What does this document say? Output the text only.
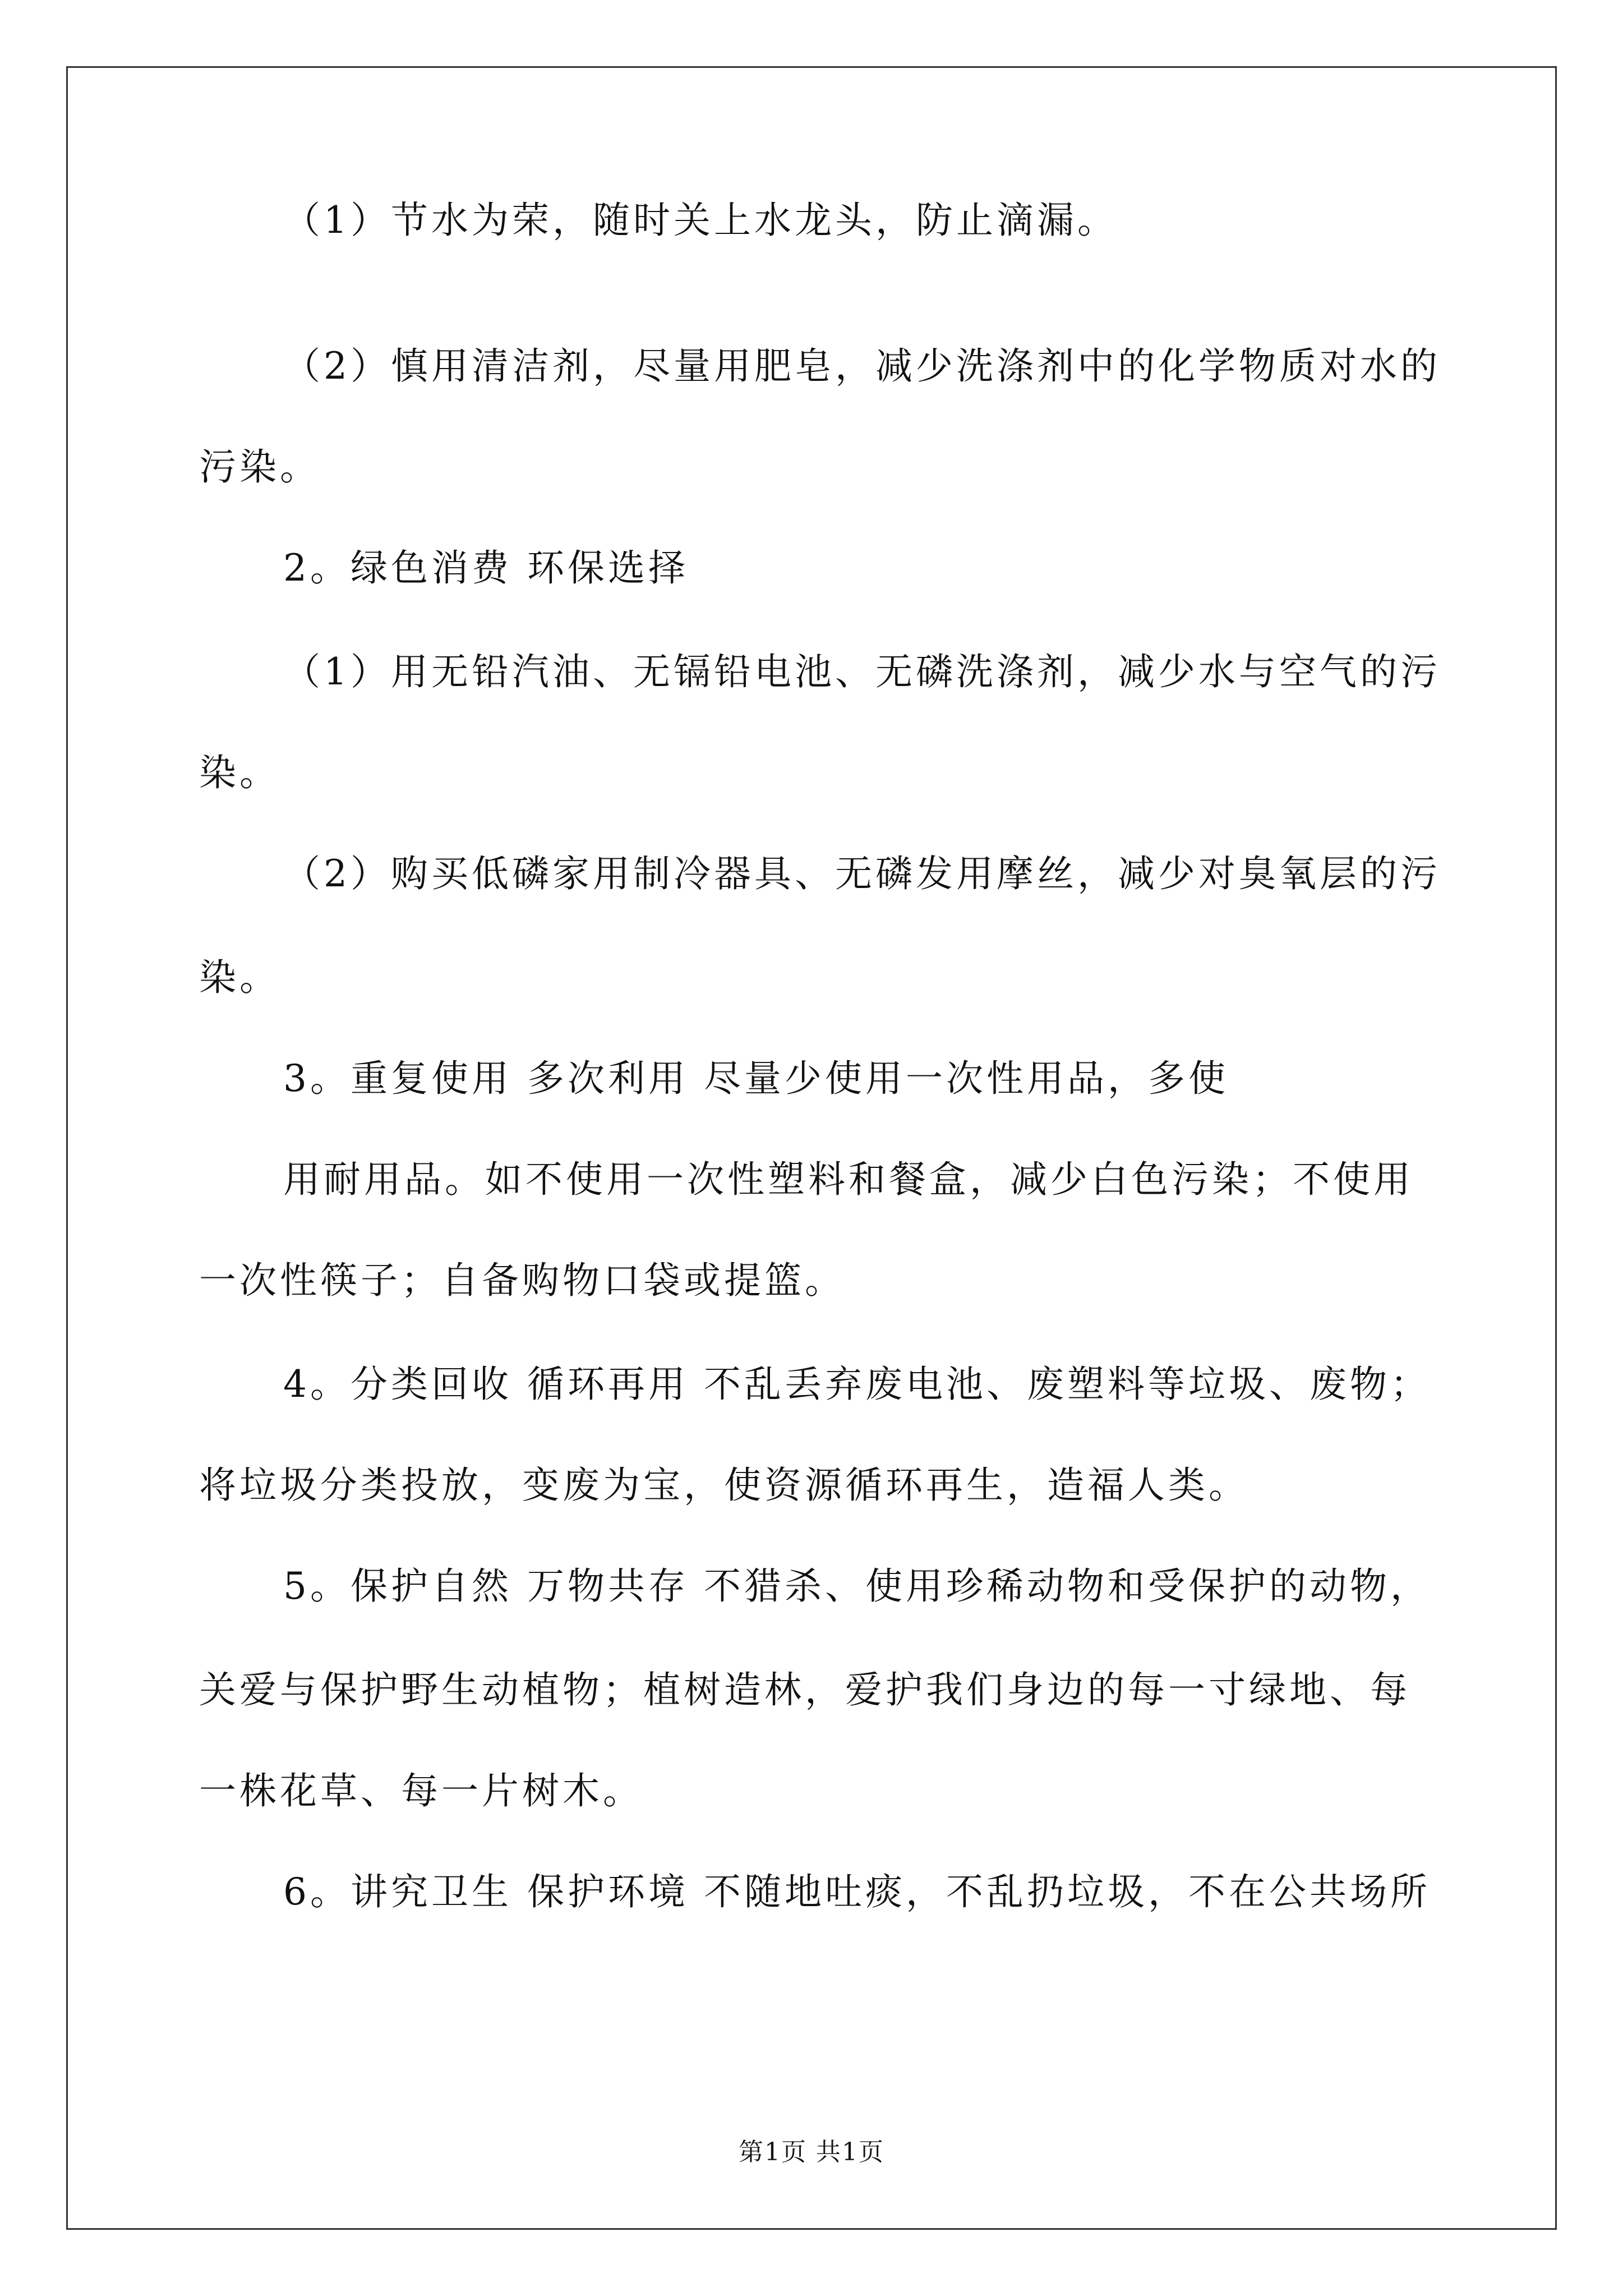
（1）节水为荣，随时关上水龙头，防止滴漏。
（2）慎用清洁剂，尽量用肥皂，减少洗涤剂中的化学物质对水的
污染。
2。绿色消费 环保选择
（1）用无铅汽油、无镉铅电池、无磷洗涤剂，减少水与空气的污
染。
（2）购买低磷家用制冷器具、无磷发用摩丝，减少对臭氧层的污
染。
3。重复使用 多次利用 尽量少使用一次性用品，多使
用耐用品。如不使用一次性塑料和餐盒，减少白色污染；不使用
一次性筷子；自备购物口袋或提篮。
4。分类回收 循环再用 不乱丢弃废电池、废塑料等垃圾、废物；
将垃圾分类投放，变废为宝，使资源循环再生，造福人类。
5。保护自然 万物共存 不猎杀、使用珍稀动物和受保护的动物，
关爱与保护野生动植物；植树造林，爱护我们身边的每一寸绿地、每
一株花草、每一片树木。
6。讲究卫生 保护环境 不随地吐痰，不乱扔垃圾，不在公共场所
第1页 共1页
